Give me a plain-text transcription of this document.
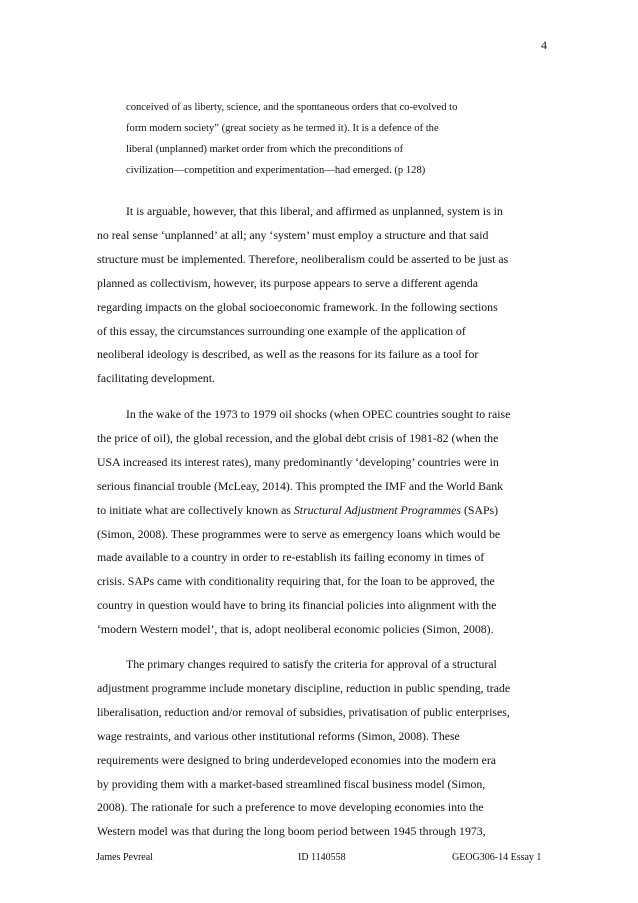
4
conceived of as liberty, science, and the spontaneous orders that co-evolved to
form modern society” (great society as he termed it). It is a defence of the
liberal (unplanned) market order from which the preconditions of
civilization—competition and experimentation—had emerged. (p 128)
It is arguable, however, that this liberal, and affirmed as unplanned, system is in
no real sense ‘unplanned’ at all; any ‘system’ must employ a structure and that said
structure must be implemented. Therefore, neoliberalism could be asserted to be just as
planned as collectivism, however, its purpose appears to serve a different agenda
regarding impacts on the global socioeconomic framework. In the following sections
of this essay, the circumstances surrounding one example of the application of
neoliberal ideology is described, as well as the reasons for its failure as a tool for
facilitating development.
In the wake of the 1973 to 1979 oil shocks (when OPEC countries sought to raise
the price of oil), the global recession, and the global debt crisis of 1981-82 (when the
USA increased its interest rates), many predominantly ‘developing’ countries were in
serious financial trouble (McLeay, 2014). This prompted the IMF and the World Bank
to initiate what are collectively known as Structural Adjustment Programmes (SAPs)
(Simon, 2008). These programmes were to serve as emergency loans which would be
made available to a country in order to re-establish its failing economy in times of
crisis. SAPs came with conditionality requiring that, for the loan to be approved, the
country in question would have to bring its financial policies into alignment with the
‘modern Western model’, that is, adopt neoliberal economic policies (Simon, 2008).
The primary changes required to satisfy the criteria for approval of a structural
adjustment programme include monetary discipline, reduction in public spending, trade
liberalisation, reduction and/or removal of subsidies, privatisation of public enterprises,
wage restraints, and various other institutional reforms (Simon, 2008). These
requirements were designed to bring underdeveloped economies into the modern era
by providing them with a market-based streamlined fiscal business model (Simon,
2008). The rationale for such a preference to move developing economies into the
Western model was that during the long boom period between 1945 through 1973,
James Pevreal	ID 1140558	GEOG306-14 Essay 1
